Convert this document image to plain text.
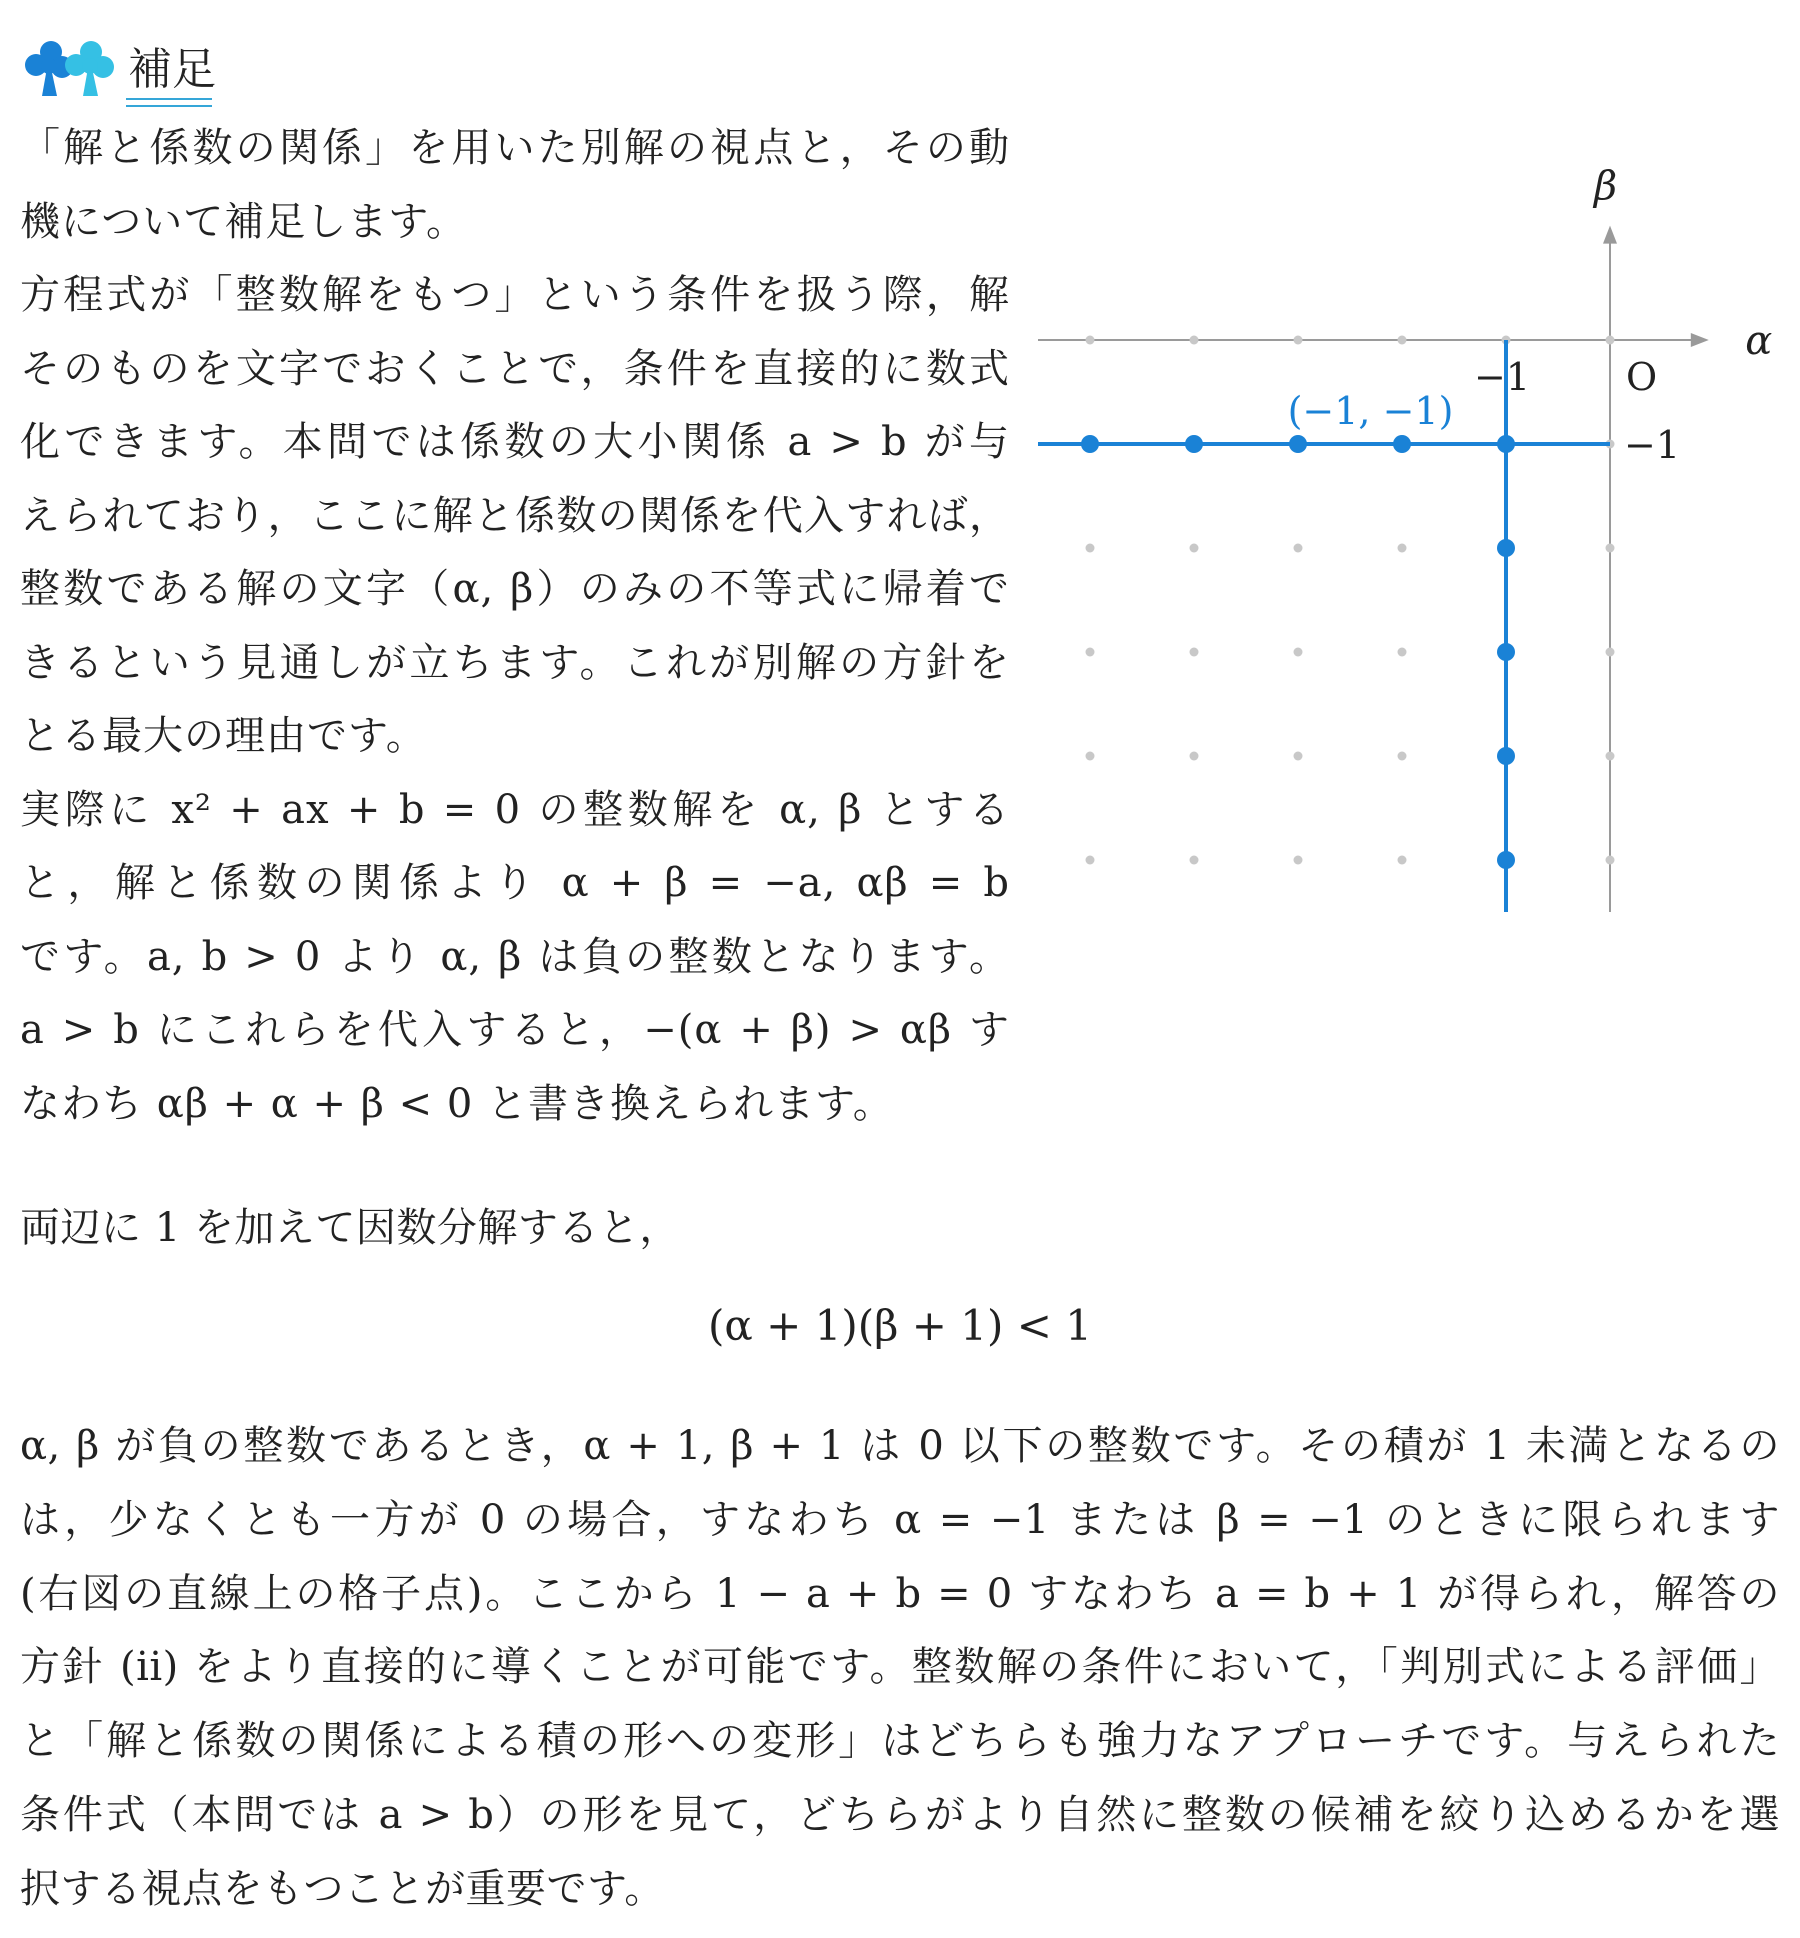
補足
「解と係数の関係」を用いた別解の視点と，その動
機について補足します。
方程式が「整数解をもつ」という条件を扱う際，解
そのものを文字でおくことで，条件を直接的に数式
化できます。本問では係数の大小関係 a > b が与
えられており，ここに解と係数の関係を代入すれば，
整数である解の文字（α, β）のみの不等式に帰着で
きるという見通しが立ちます。これが別解の方針を
とる最大の理由です。
実際に x² + ax + b = 0 の整数解を α, β とする
と，解と係数の関係より α + β = −a, αβ = b
です。a, b > 0 より α, β は負の整数となります。
a > b にこれらを代入すると，−(α + β) > αβ す
なわち αβ + α + β < 0 と書き換えられます。
α
β
O
−1
−1
(−1, −1)
両辺に 1 を加えて因数分解すると，
(α + 1)(β + 1) < 1
α, β が負の整数であるとき，α + 1, β + 1 は 0 以下の整数です。その積が 1 未満となるの
は，少なくとも一方が 0 の場合，すなわち α = −1 または β = −1 のときに限られます
(右図の直線上の格子点)。ここから 1 − a + b = 0 すなわち a = b + 1 が得られ，解答の
方針 (ii) をより直接的に導くことが可能です。整数解の条件において，「判別式による評価」
と「解と係数の関係による積の形への変形」はどちらも強力なアプローチです。与えられた
条件式（本問では a > b）の形を見て，どちらがより自然に整数の候補を絞り込めるかを選
択する視点をもつことが重要です。
